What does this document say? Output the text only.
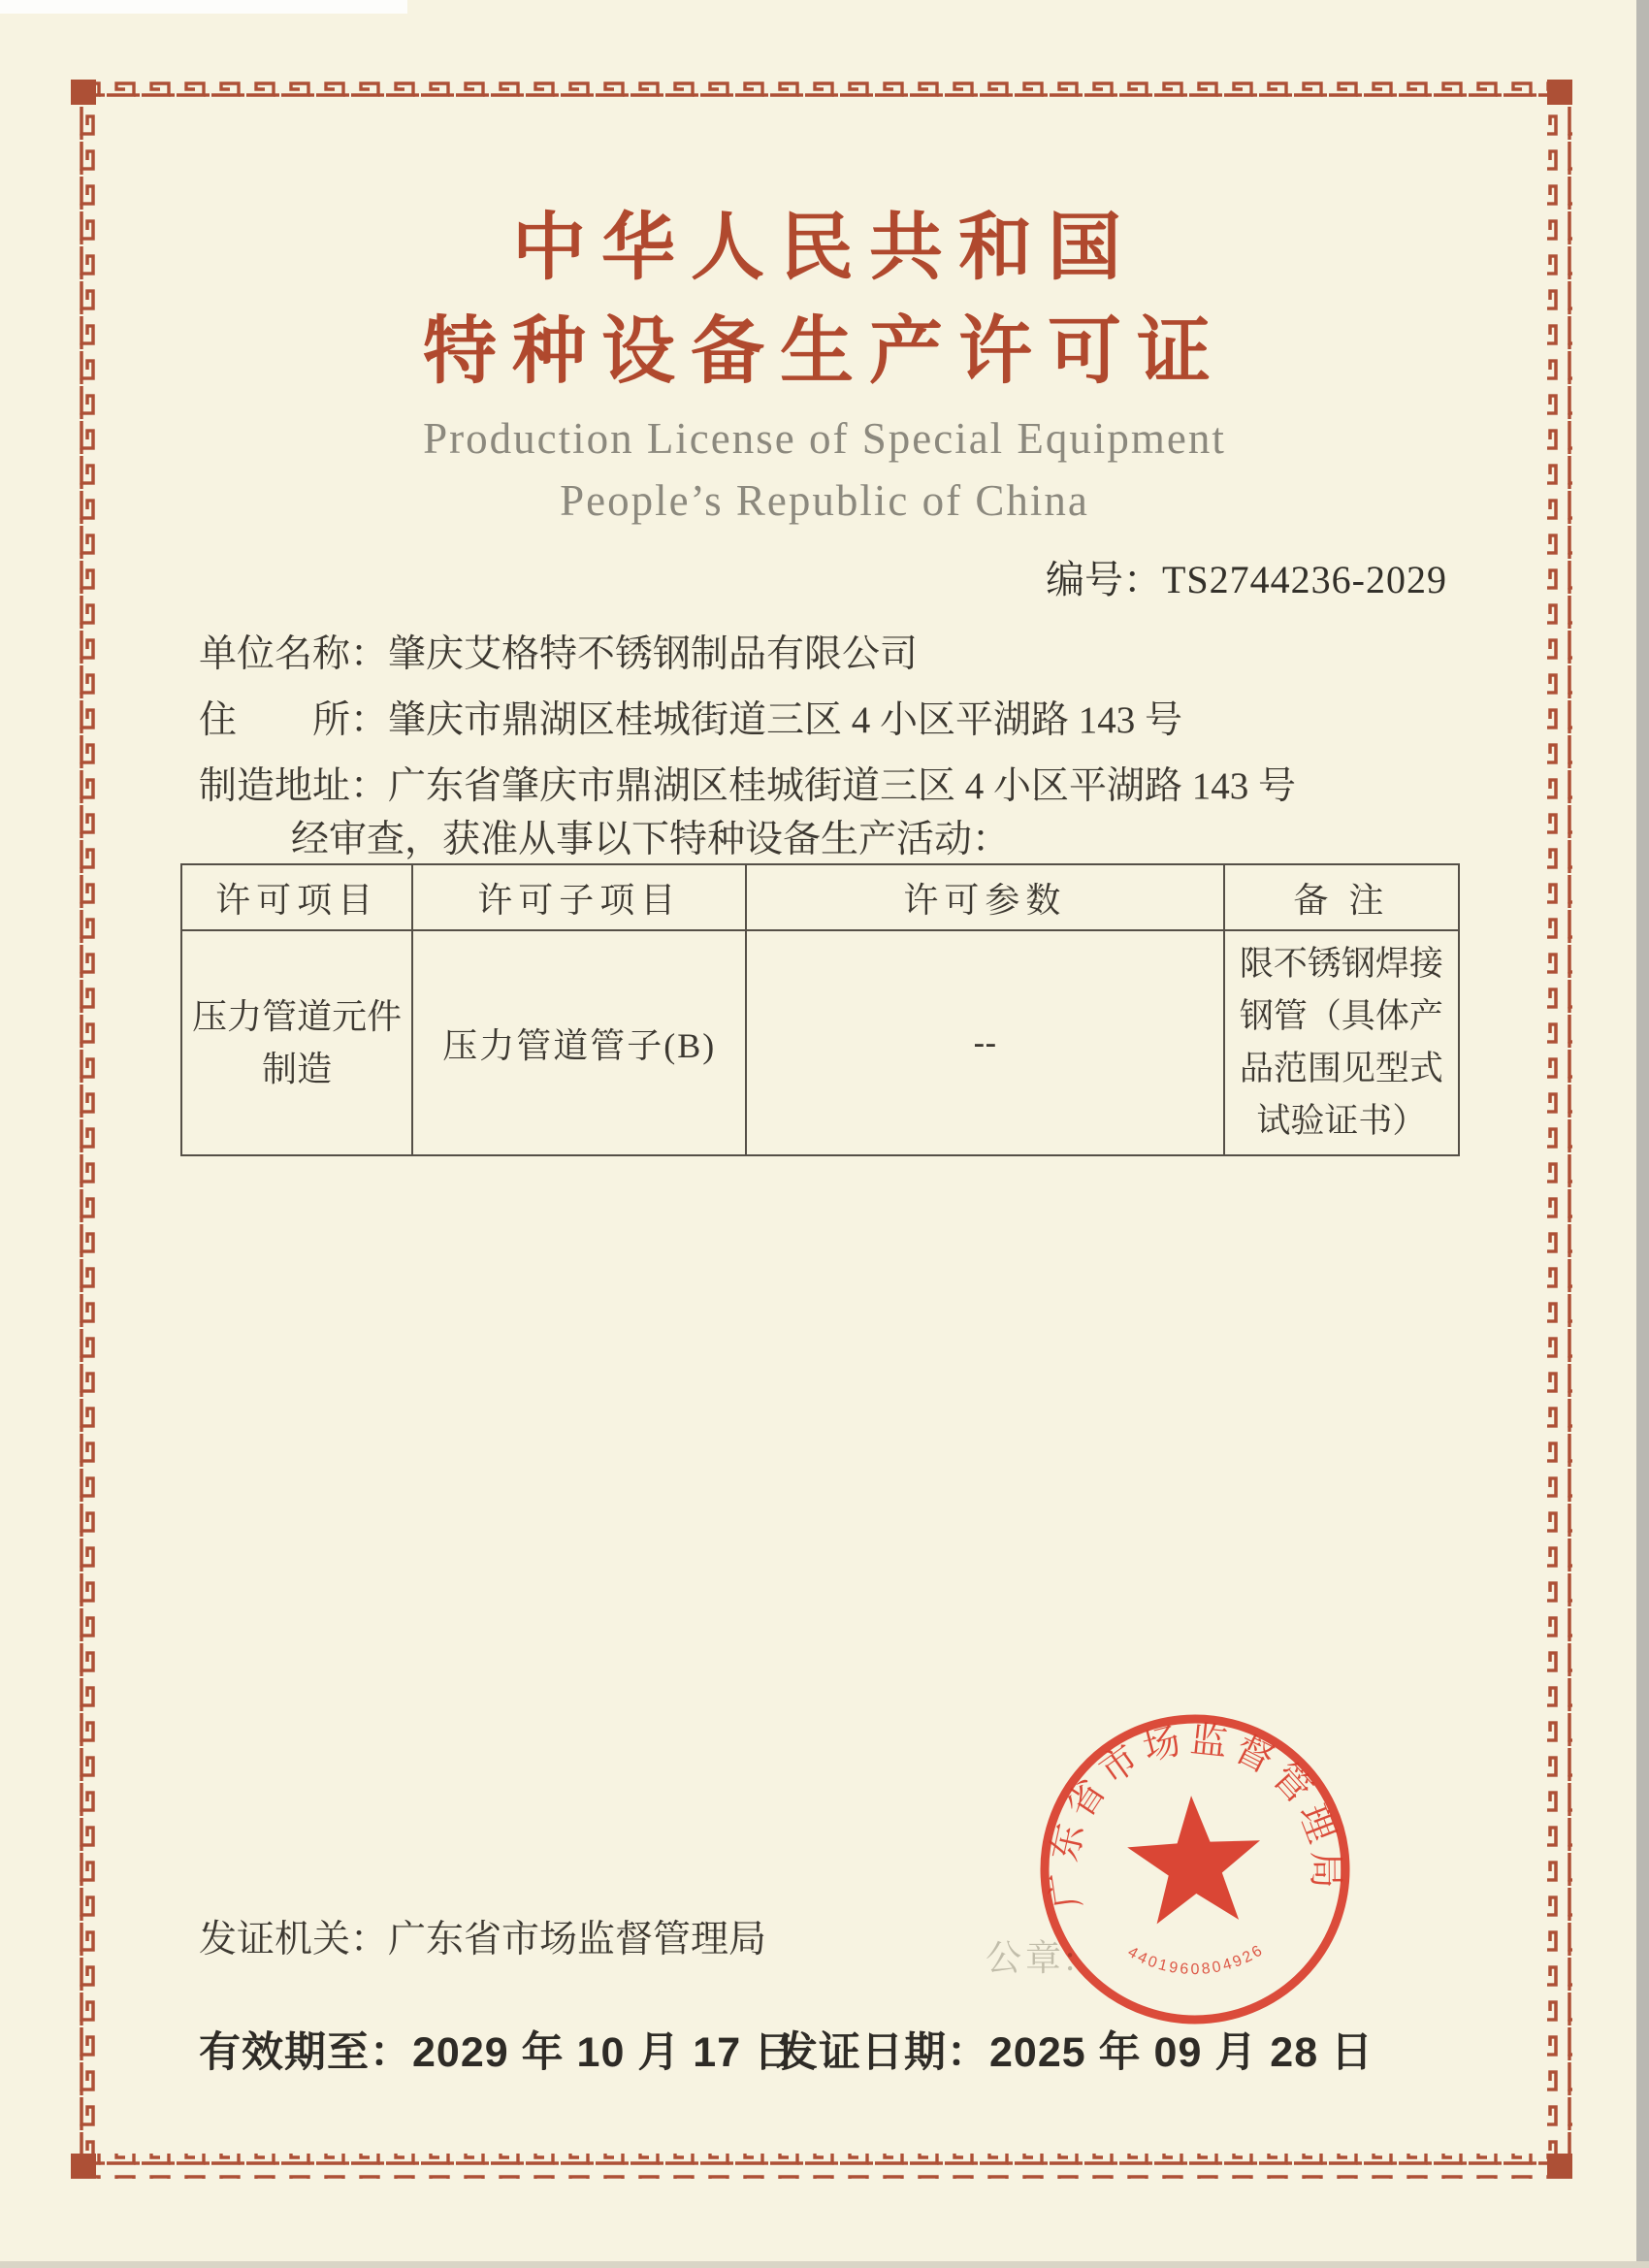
中华人民共和国
特种设备生产许可证
Production License of Special Equipment
People’s Republic of China
编号：TS2744236-2029
单位名称：肇庆艾格特不锈钢制品有限公司
住　　所：肇庆市鼎湖区桂城街道三区 4 小区平湖路 143 号
制造地址：广东省肇庆市鼎湖区桂城街道三区 4 小区平湖路 143 号
经审查，获准从事以下特种设备生产活动：
许可项目	许可子项目	许可参数	备 注
压力管道元件制造	压力管道管子(B)	--	限不锈钢焊接钢管（具体产品范围见型式试验证书）
发证机关：广东省市场监督管理局
有效期至：2029 年 10 月 17 日
发证日期：2025 年 09 月 28 日
公章:
广东省市场监督管理局
4401960804926
